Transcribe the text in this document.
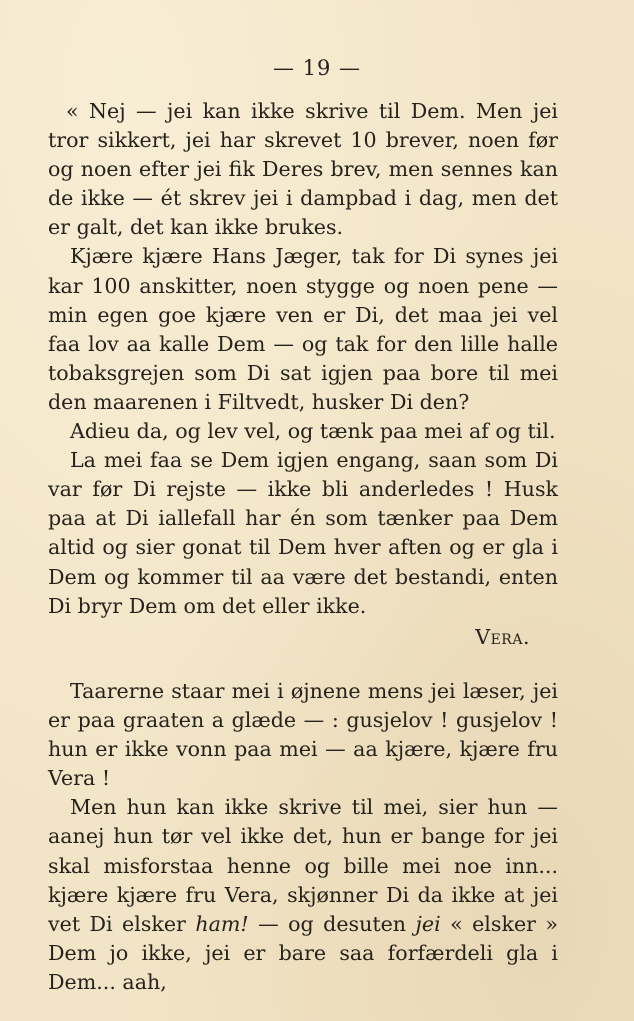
— 19 —

« Nej — jei kan ikke skrive til Dem. Men jei tror sikkert, jei har skrevet 10 brever, noen før og noen efter jei fik Deres brev, men sennes kan de ikke — ét skrev jei i dampbad i dag, men det er galt, det kan ikke brukes.

Kjære kjære Hans Jæger, tak for Di synes jei kar 100 anskitter, noen stygge og noen pene — min egen goe kjære ven er Di, det maa jei vel faa lov aa kalle Dem — og tak for den lille halle tobaksgrejen som Di sat igjen paa bore til mei den maarenen i Filtvedt, husker Di den?

Adieu da, og lev vel, og tænk paa mei af og til.

La mei faa se Dem igjen engang, saan som Di var før Di rejste — ikke bli anderledes ! Husk paa at Di iallefall har én som tænker paa Dem altid og sier gonat til Dem hver aften og er gla i Dem og kommer til aa være det bestandi, enten Di bryr Dem om det eller ikke.

Vera.

Taarerne staar mei i øjnene mens jei læser, jei er paa graaten a glæde — : gusjelov ! gusjelov ! hun er ikke vonn paa mei — aa kjære, kjære fru Vera !

Men hun kan ikke skrive til mei, sier hun — aanej hun tør vel ikke det, hun er bange for jei skal misforstaa henne og bille mei noe inn... kjære kjære fru Vera, skjønner Di da ikke at jei vet Di elsker ham! — og desuten jei « elsker » Dem jo ikke, jei er bare saa forfærdeli gla i Dem... aah,
